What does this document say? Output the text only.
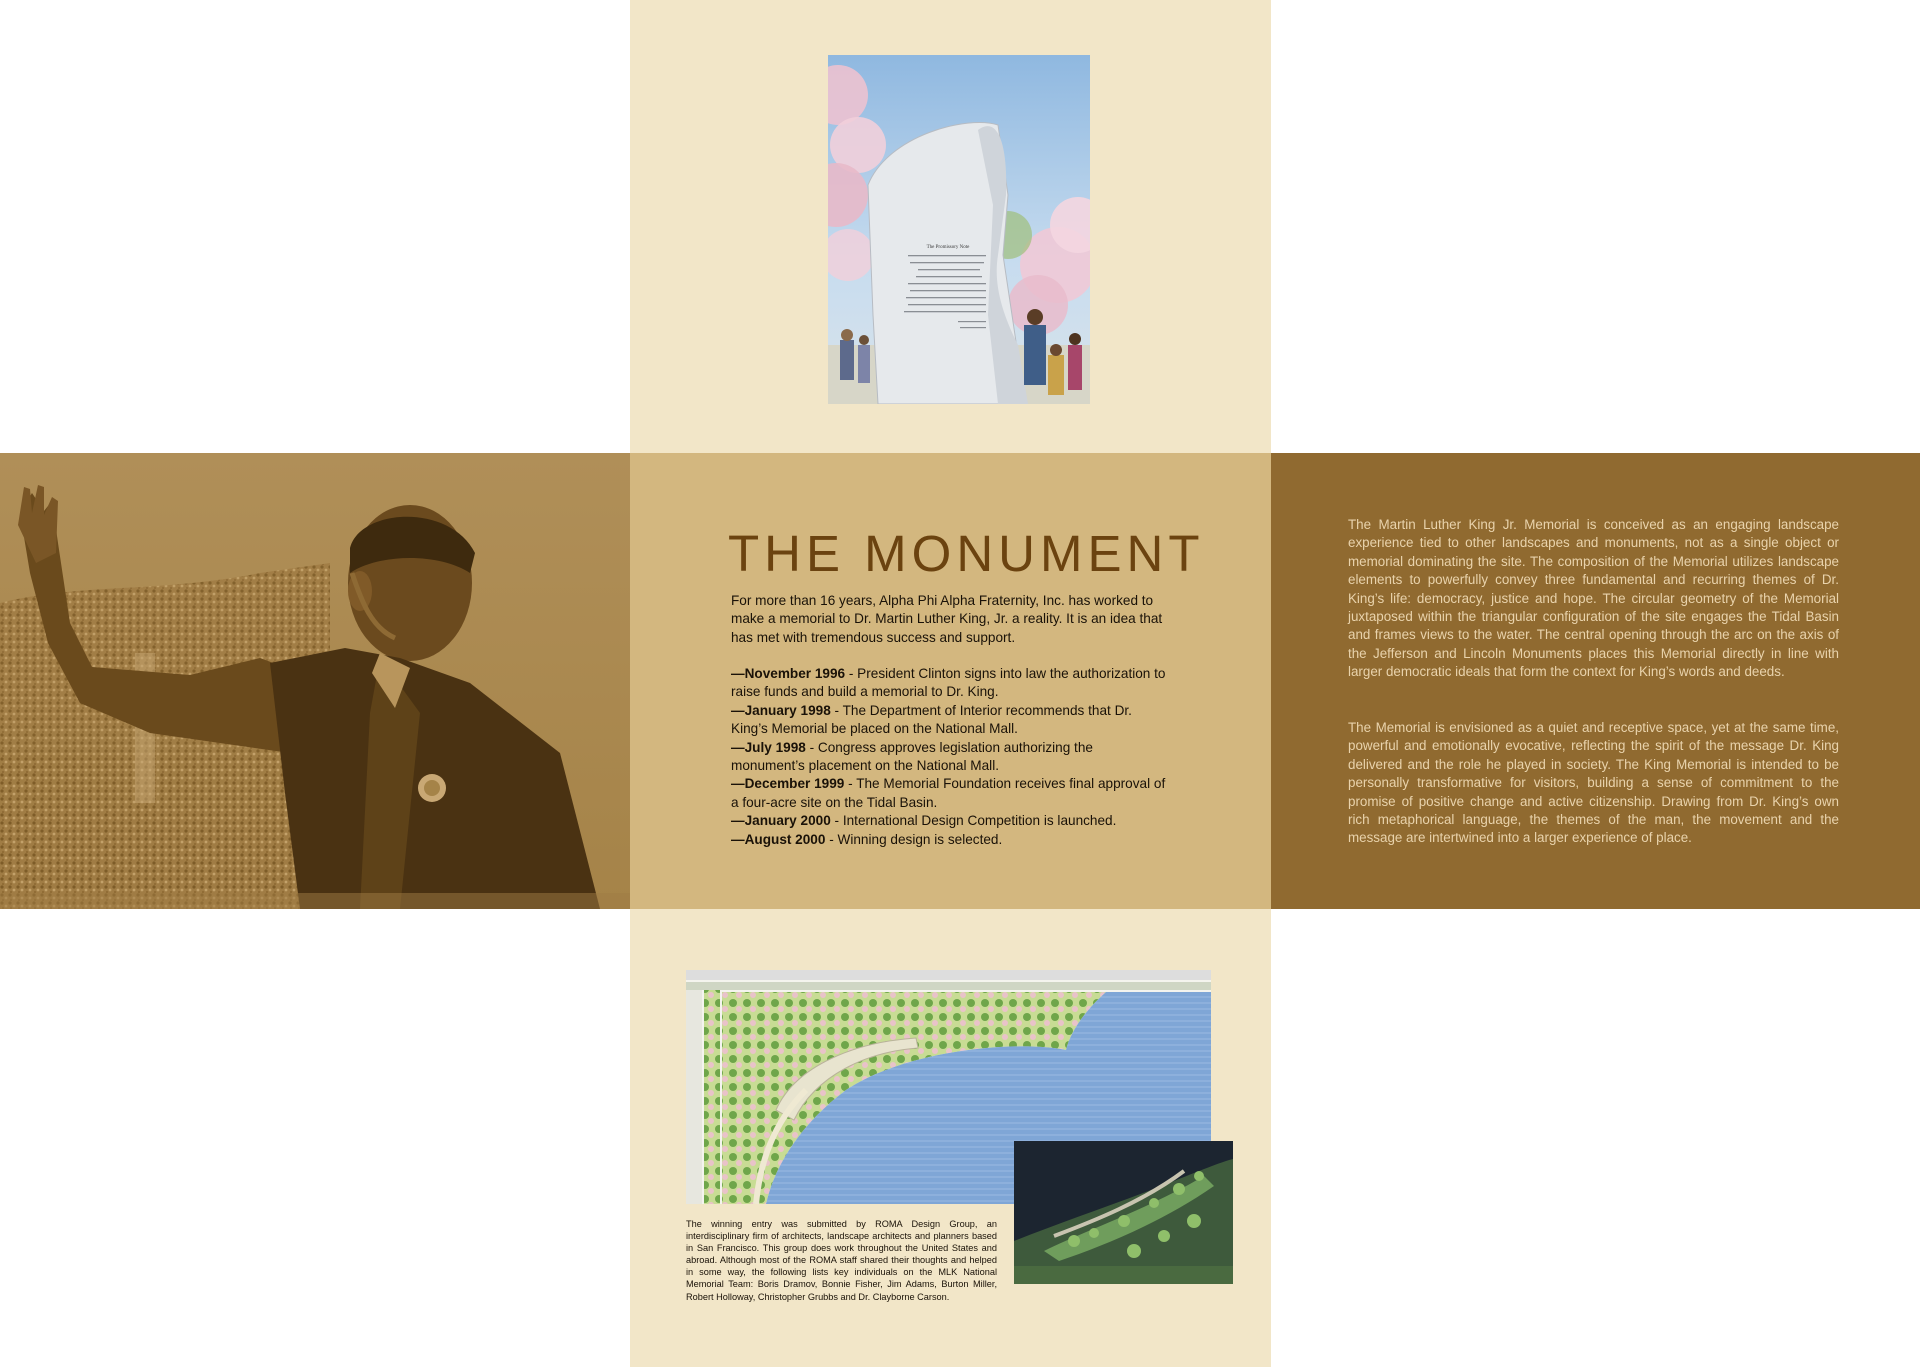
The Promissory Note
THE MONUMENT

For more than 16 years, Alpha Phi Alpha Fraternity, Inc. has worked to make a memorial to Dr. Martin Luther King, Jr. a reality. It is an idea that has met with tremendous success and support.

—November 1996 - President Clinton signs into law the authorization to raise funds and build a memorial to Dr. King.
—January 1998 - The Department of Interior recommends that Dr. King’s Memorial be placed on the National Mall.
—July 1998 - Congress approves legislation authorizing the monument’s placement on the National Mall.
—December 1999 - The Memorial Foundation receives final approval of a four-acre site on the Tidal Basin.
—January 2000 - International Design Competition is launched.
—August 2000 - Winning design is selected.

The Martin Luther King Jr. Memorial is conceived as an engaging landscape experience tied to other landscapes and monuments, not as a single object or memorial dominating the site. The composition of the Memorial utilizes landscape elements to powerfully convey three fundamental and recurring themes of Dr. King’s life: democracy, justice and hope. The circular geometry of the Memorial juxtaposed within the triangular configuration of the site engages the Tidal Basin and frames views to the water. The central opening through the arc on the axis of the Jefferson and Lincoln Monuments places this Memorial directly in line with larger democratic ideals that form the context for King’s words and deeds.

The Memorial is envisioned as a quiet and receptive space, yet at the same time, powerful and emotionally evocative, reflecting the spirit of the message Dr. King delivered and the role he played in society. The King Memorial is intended to be personally transformative for visitors, building a sense of commitment to the promise of positive change and active citizenship. Drawing from Dr. King’s own rich metaphorical language, the themes of the man, the movement and the message are intertwined into a larger experience of place.

The winning entry was submitted by ROMA Design Group, an interdisciplinary firm of architects, landscape architects and planners based in San Francisco. This group does work throughout the United States and abroad. Although most of the ROMA staff shared their thoughts and helped in some way, the following lists key individuals on the MLK National Memorial Team: Boris Dramov, Bonnie Fisher, Jim Adams, Burton Miller, Robert Holloway, Christopher Grubbs and Dr. Clayborne Carson.
